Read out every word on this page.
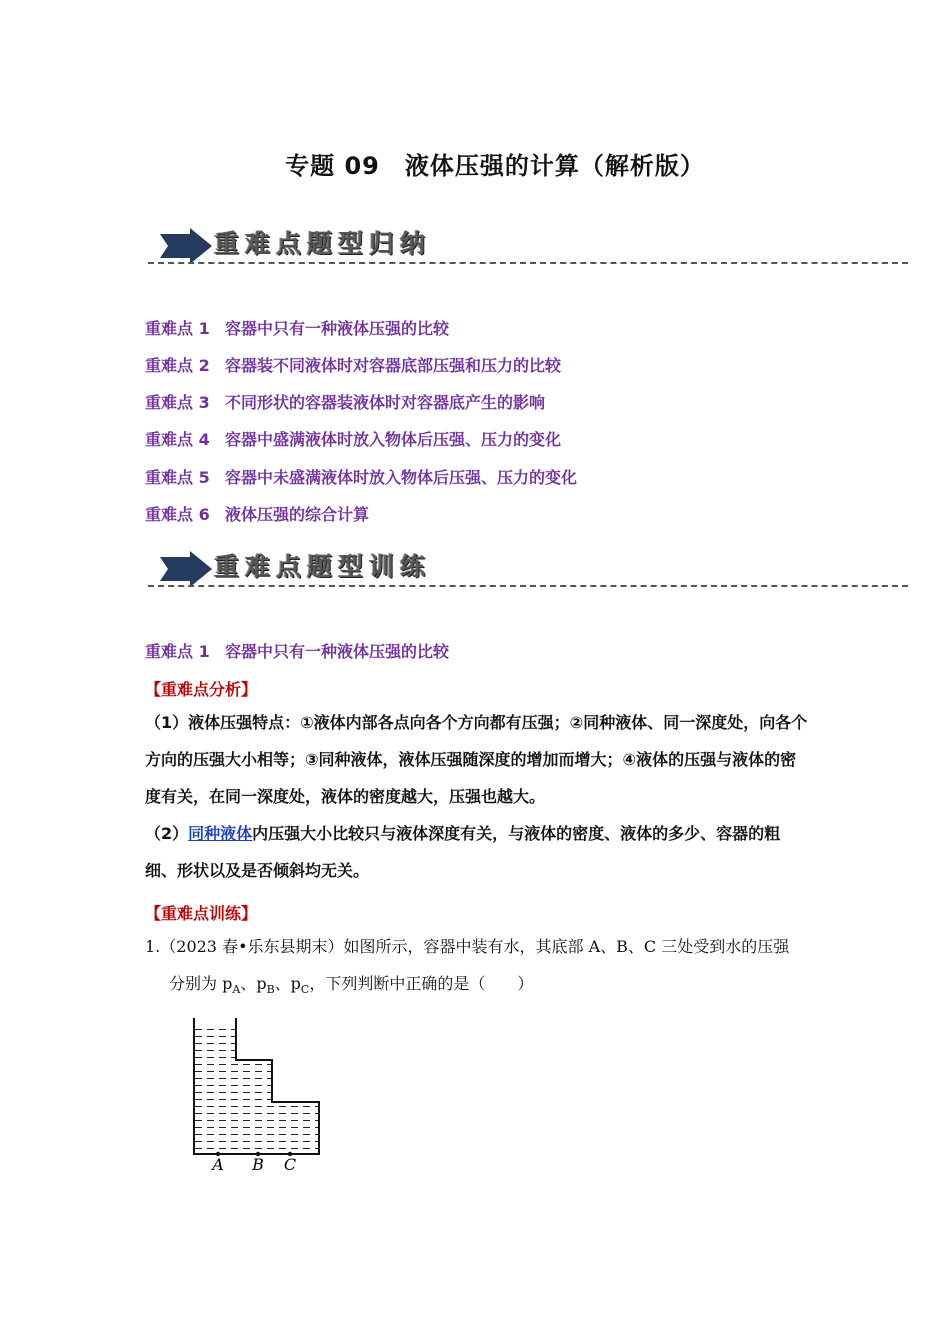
专题 09　液体压强的计算（解析版）
重难点题型归纳
重难点 1 容器中只有一种液体压强的比较
重难点 2 容器装不同液体时对容器底部压强和压力的比较
重难点 3 不同形状的容器装液体时对容器底产生的影响
重难点 4 容器中盛满液体时放入物体后压强、压力的变化
重难点 5 容器中未盛满液体时放入物体后压强、压力的变化
重难点 6 液体压强的综合计算
重难点题型训练
重难点 1 容器中只有一种液体压强的比较
【重难点分析】
（1）液体压强特点：①液体内部各点向各个方向都有压强；②同种液体、同一深度处，向各个方向的压强大小相等；③同种液体，液体压强随深度的增加而增大；④液体的压强与液体的密度有关，在同一深度处，液体的密度越大，压强也越大。
（2）同种液体内压强大小比较只与液体深度有关，与液体的密度、液体的多少、容器的粗细、形状以及是否倾斜均无关。
【重难点训练】
1.（2023 春•乐东县期末）如图所示，容器中装有水，其底部 A、B、C 三处受到水的压强
分别为 $p_A$、$p_B$、$p_C$，下列判断中正确的是（　　）
A B C
